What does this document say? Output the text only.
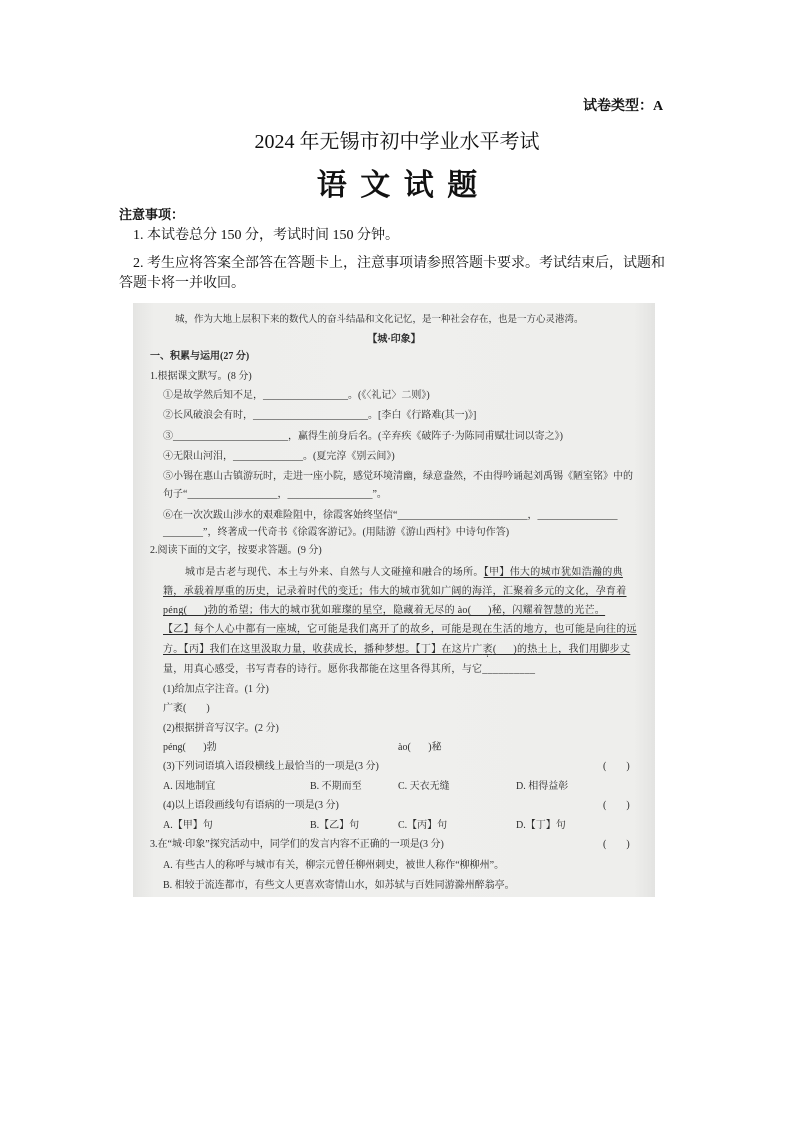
试卷类型：A
2024 年无锡市初中学业水平考试
语 文 试 题
注意事项：
1. 本试卷总分 150 分，考试时间 150 分钟。
2. 考生应将答案全部答在答题卡上，注意事项请参照答题卡要求。考试结束后，试题和
答题卡将一并收回。
城，作为大地上层积下来的数代人的奋斗结晶和文化记忆，是一种社会存在，也是一方心灵港湾。
【城·印象】
一、积累与运用(27 分)
1.根据课文默写。(8 分)
①是故学然后知不足，_________________。(《〈礼记〉二则》)
②长风破浪会有时，_______________________。[李白《行路难(其一)》]
③_______________________，赢得生前身后名。(辛弃疾《破阵子·为陈同甫赋壮词以寄之》)
④无限山河泪，______________。(夏完淳《别云间》)
⑤小锡在惠山古镇游玩时，走进一座小院，感觉环境清幽，绿意盎然，不由得吟诵起刘禹锡《陋室铭》中的
句子“__________________，_________________”。
⑥在一次次跋山涉水的艰难险阻中，徐霞客始终坚信“__________________________，________________
________”，终著成一代奇书《徐霞客游记》。(用陆游《游山西村》中诗句作答)
2.阅读下面的文字，按要求答题。(9 分)
城市是古老与现代、本土与外来、自然与人文碰撞和融合的场所。【甲】伟大的城市犹如浩瀚的典
籍，承载着厚重的历史，记录着时代的变迁；伟大的城市犹如广阔的海洋，汇聚着多元的文化，孕育着
péng(      )勃的希望；伟大的城市犹如璀璨的星空，隐藏着无尽的 ào(      )秘，闪耀着智慧的光芒。
【乙】每个人心中都有一座城，它可能是我们离开了的故乡，可能是现在生活的地方，也可能是向往的远
方。【丙】我们在这里汲取力量，收获成长，播种梦想。【丁】在这片广袤(      )的热土上，我们用脚步丈
量，用真心感受，书写青春的诗行。愿你我都能在这里各得其所，与它__________
(1)给加点字注音。(1 分)
广袤(        )
(2)根据拼音写汉字。(2 分)
péng(       )勃	ào(       )秘
(3)下列词语填入语段横线上最恰当的一项是(3 分)	(        )
A. 因地制宜	B. 不期而至	C. 天衣无缝	D. 相得益彰
(4)以上语段画线句有语病的一项是(3 分)	(        )
A.【甲】句	B.【乙】句	C.【丙】句	D.【丁】句
3.在“城·印象”探究活动中，同学们的发言内容不正确的一项是(3 分)	(        )
A. 有些古人的称呼与城市有关，柳宗元曾任柳州刺史，被世人称作“柳柳州”。
B. 相较于流连都市，有些文人更喜欢寄情山水，如苏轼与百姓同游滁州醉翁亭。
